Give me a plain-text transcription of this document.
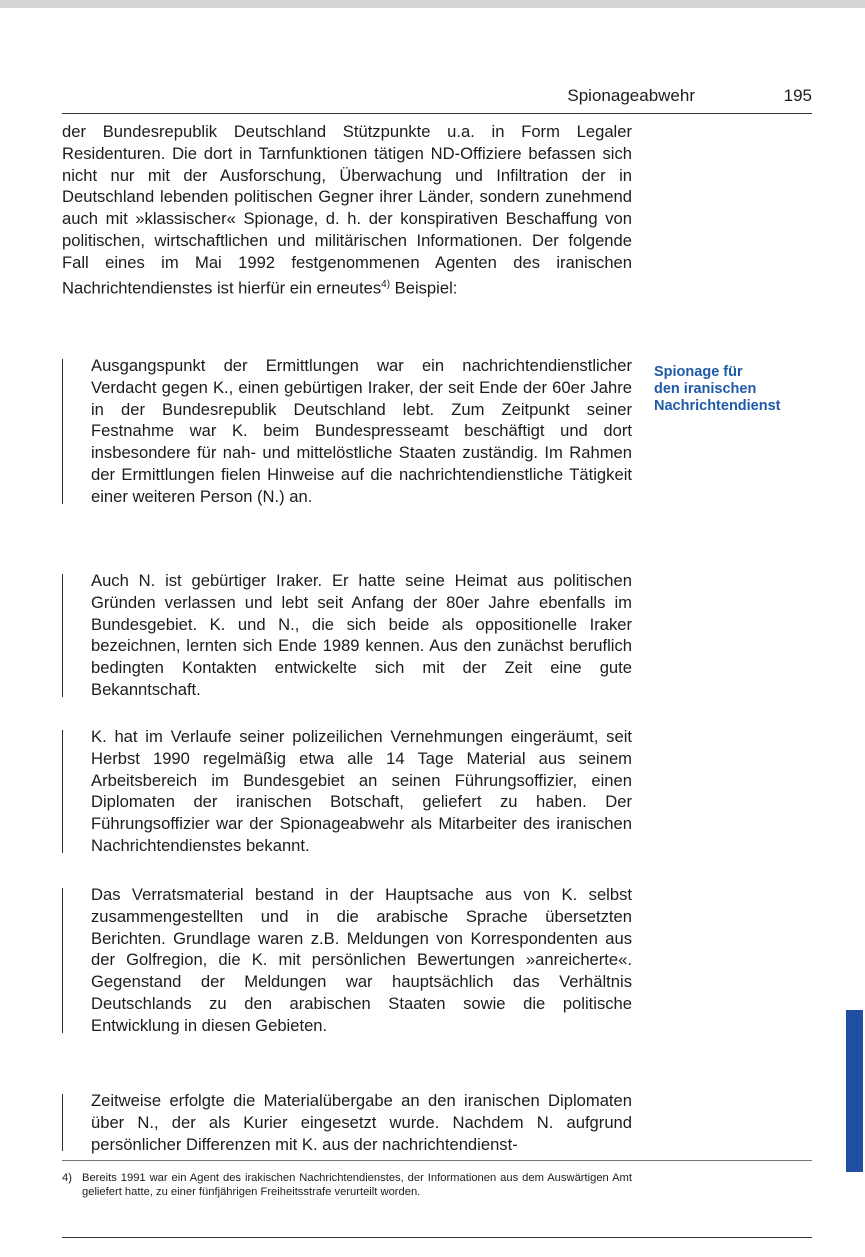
Spionageabwehr	195

der Bundesrepublik Deutschland Stützpunkte u.a. in Form Legaler Residenturen. Die dort in Tarnfunktionen tätigen ND-Offiziere befassen sich nicht nur mit der Ausforschung, Überwachung und Infiltration der in Deutschland lebenden politischen Gegner ihrer Länder, sondern zunehmend auch mit »klassischer« Spionage, d. h. der konspirativen Beschaffung von politischen, wirtschaftlichen und militärischen Informationen. Der folgende Fall eines im Mai 1992 festgenommenen Agenten des iranischen Nachrichtendienstes ist hierfür ein erneutes$^{4)}$ Beispiel:

Spionage für
den iranischen
Nachrichtendienst

Ausgangspunkt der Ermittlungen war ein nachrichtendienstlicher Verdacht gegen K., einen gebürtigen Iraker, der seit Ende der 60er Jahre in der Bundesrepublik Deutschland lebt. Zum Zeitpunkt seiner Festnahme war K. beim Bundespresseamt beschäftigt und dort insbesondere für nah- und mittelöstliche Staaten zuständig. Im Rahmen der Ermittlungen fielen Hinweise auf die nachrichtendienstliche Tätigkeit einer weiteren Person (N.) an.

Auch N. ist gebürtiger Iraker. Er hatte seine Heimat aus politischen Gründen verlassen und lebt seit Anfang der 80er Jahre ebenfalls im Bundesgebiet. K. und N., die sich beide als oppositionelle Iraker bezeichnen, lernten sich Ende 1989 kennen. Aus den zunächst beruflich bedingten Kontakten entwickelte sich mit der Zeit eine gute Bekanntschaft.

K. hat im Verlaufe seiner polizeilichen Vernehmungen eingeräumt, seit Herbst 1990 regelmäßig etwa alle 14 Tage Material aus seinem Arbeitsbereich im Bundesgebiet an seinen Führungsoffizier, einen Diplomaten der iranischen Botschaft, geliefert zu haben. Der Führungsoffizier war der Spionageabwehr als Mitarbeiter des iranischen Nachrichtendienstes bekannt.

Das Verratsmaterial bestand in der Hauptsache aus von K. selbst zusammengestellten und in die arabische Sprache übersetzten Berichten. Grundlage waren z.B. Meldungen von Korrespondenten aus der Golfregion, die K. mit persönlichen Bewertungen »anreicherte«. Gegenstand der Meldungen war hauptsächlich das Verhältnis Deutschlands zu den arabischen Staaten sowie die politische Entwicklung in diesen Gebieten.

Zeitweise erfolgte die Materialübergabe an den iranischen Diplomaten über N., der als Kurier eingesetzt wurde. Nachdem N. aufgrund persönlicher Differenzen mit K. aus der nachrichtendienst-

4) Bereits 1991 war ein Agent des irakischen Nachrichtendienstes, der Informationen aus dem Auswärtigen Amt geliefert hatte, zu einer fünfjährigen Freiheitsstrafe verurteilt worden.
